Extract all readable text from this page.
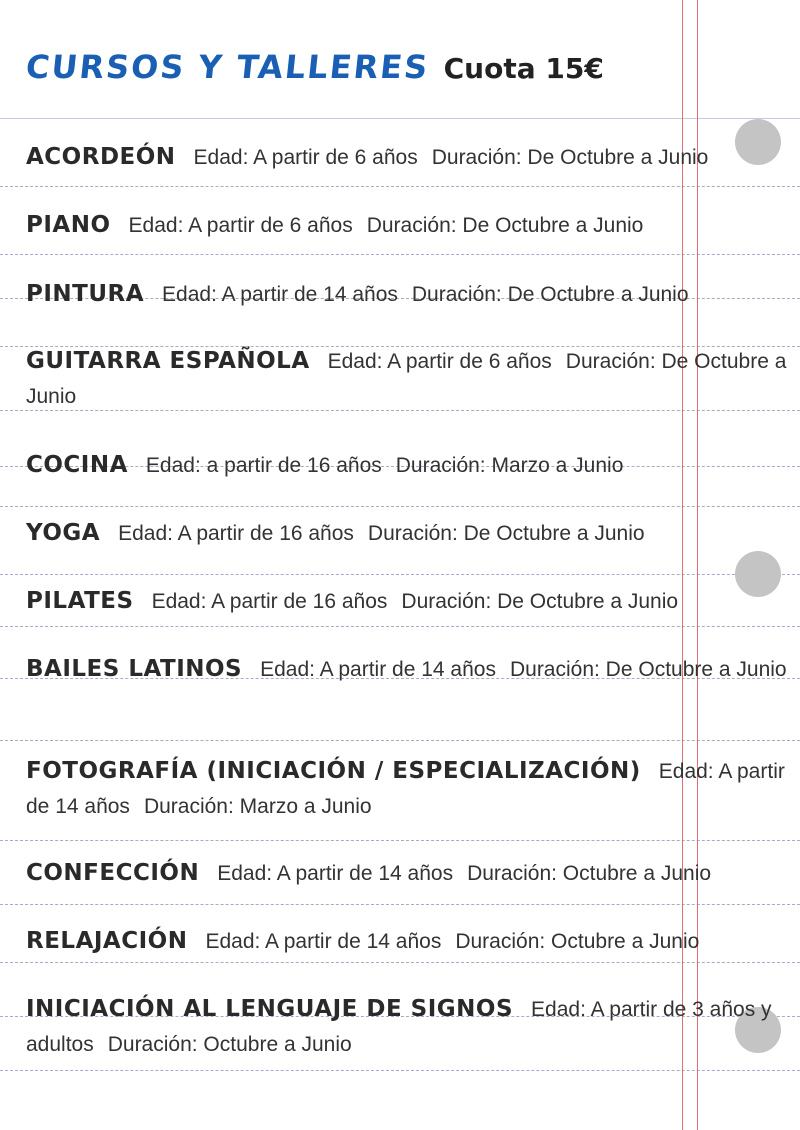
CURSOS Y TALLERES Cuota 15€
ACORDEÓN Edad: A partir de 6 años Duración: De Octubre a Junio
PIANO Edad: A partir de 6 años Duración: De Octubre a Junio
PINTURA Edad: A partir de 14 años Duración: De Octubre a Junio
GUITARRA ESPAÑOLA Edad: A partir de 6 años Duración: De Octubre a Junio
COCINA Edad: a partir de 16 años Duración: Marzo a Junio
YOGA Edad: A partir de 16 años Duración: De Octubre a Junio
PILATES Edad: A partir de 16 años Duración: De Octubre a Junio
BAILES LATINOS Edad: A partir de 14 años Duración: De Octubre a Junio
FOTOGRAFÍA (INICIACIÓN / ESPECIALIZACIÓN) Edad: A partir de 14 años Duración: Marzo a Junio
CONFECCIÓN Edad: A partir de 14 años Duración: Octubre a Junio
RELAJACIÓN Edad: A partir de 14 años Duración: Octubre a Junio
INICIACIÓN AL LENGUAJE DE SIGNOS Edad: A partir de 3 años y adultos Duración: Octubre a Junio
